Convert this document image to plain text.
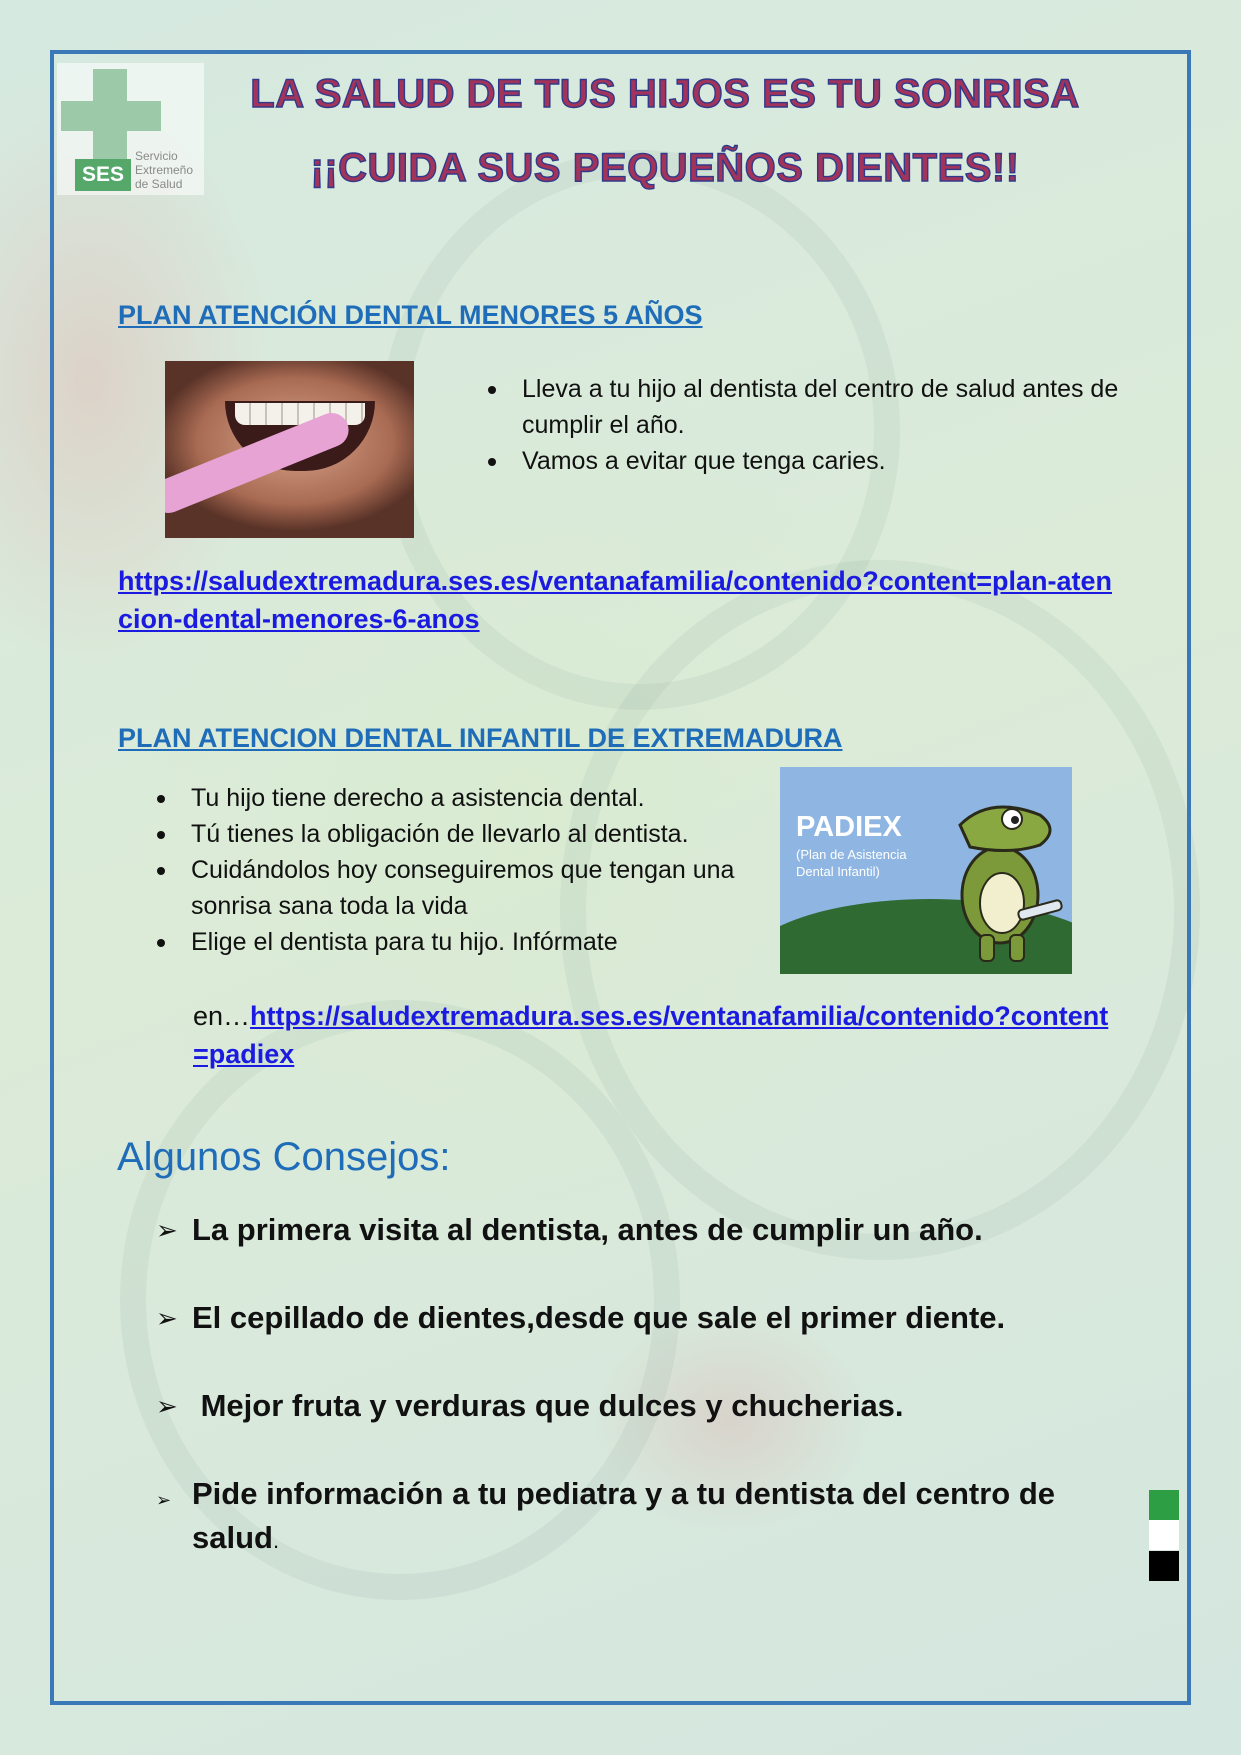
SES
Servicio
Extremeño
de Salud
LA SALUD DE TUS HIJOS ES TU SONRISA
¡¡CUIDA SUS PEQUEÑOS DIENTES!!
PLAN ATENCIÓN DENTAL MENORES 5 AÑOS
Lleva a tu hijo al dentista del centro de salud antes de cumplir el año.
Vamos a evitar que tenga caries.
https://saludextremadura.ses.es/ventanafamilia/contenido?content=plan-atencion-dental-menores-6-anos
PLAN ATENCION DENTAL INFANTIL DE EXTREMADURA
Tu hijo tiene derecho a asistencia dental.
Tú tienes la obligación de llevarlo al dentista.
Cuidándolos hoy conseguiremos que tengan una sonrisa sana toda la vida
Elige el dentista para tu hijo. Infórmate
PADIEX
(Plan de Asistencia
Dental Infantil)
en…https://saludextremadura.ses.es/ventanafamilia/contenido?content=padiex
Algunos Consejos:
➢ La primera visita al dentista, antes de cumplir un año.
➢ El cepillado de dientes,desde que sale el primer diente.
➢ Mejor fruta y verduras que dulces y chucherias.
➢ Pide información a tu pediatra y a tu dentista del centro de salud.
